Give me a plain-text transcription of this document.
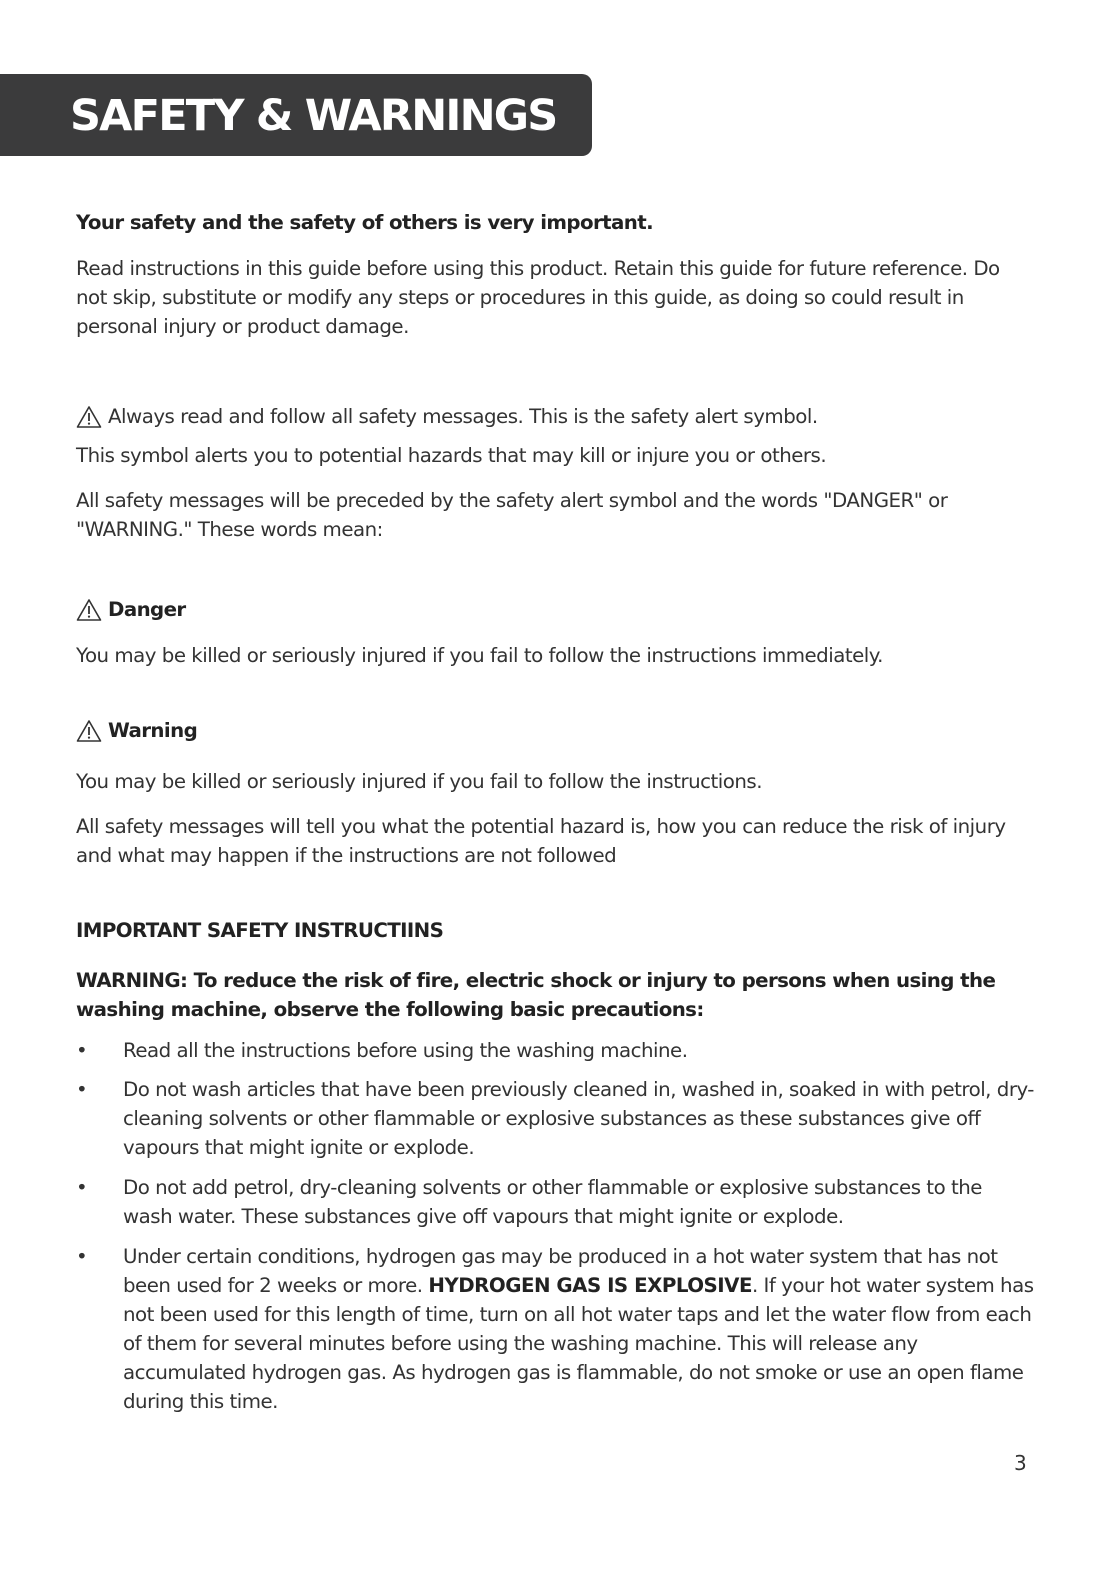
SAFETY & WARNINGS

Your safety and the safety of others is very important.

Read instructions in this guide before using this product. Retain this guide for future reference. Do not skip, substitute or modify any steps or procedures in this guide, as doing so could result in personal injury or product damage.

Always read and follow all safety messages. This is the safety alert symbol.

This symbol alerts you to potential hazards that may kill or injure you or others.

All safety messages will be preceded by the safety alert symbol and the words "DANGER" or "WARNING." These words mean:

Danger

You may be killed or seriously injured if you fail to follow the instructions immediately.

Warning

You may be killed or seriously injured if you fail to follow the instructions.

All safety messages will tell you what the potential hazard is, how you can reduce the risk of injury and what may happen if the instructions are not followed

IMPORTANT SAFETY INSTRUCTIINS

WARNING: To reduce the risk of fire, electric shock or injury to persons when using the washing machine, observe the following basic precautions:

•	Read all the instructions before using the washing machine.
•	Do not wash articles that have been previously cleaned in, washed in, soaked in with petrol, dry-cleaning solvents or other flammable or explosive substances as these substances give off vapours that might ignite or explode.
•	Do not add petrol, dry-cleaning solvents or other flammable or explosive substances to the wash water. These substances give off vapours that might ignite or explode.
•	Under certain conditions, hydrogen gas may be produced in a hot water system that has not been used for 2 weeks or more. HYDROGEN GAS IS EXPLOSIVE. If your hot water system has not been used for this length of time, turn on all hot water taps and let the water flow from each of them for several minutes before using the washing machine. This will release any accumulated hydrogen gas. As hydrogen gas is flammable, do not smoke or use an open flame during this time.
3
